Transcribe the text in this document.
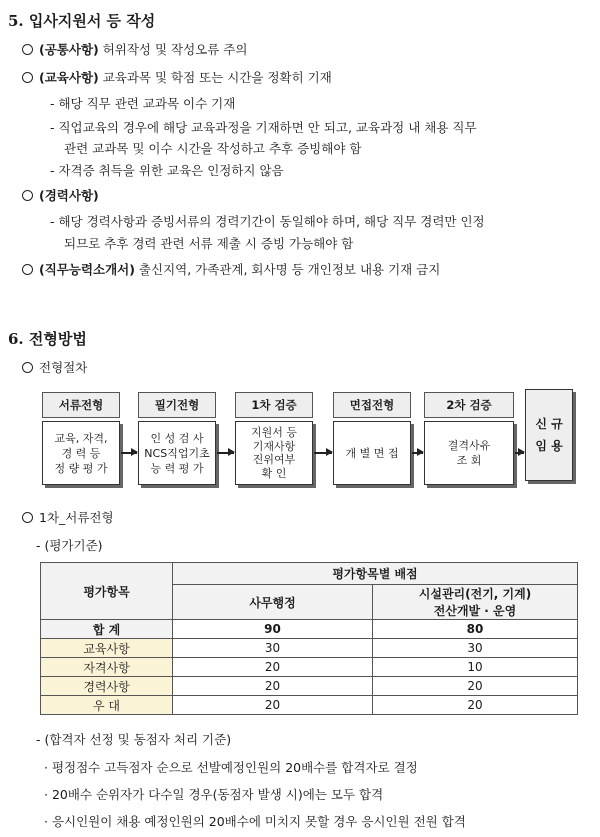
5. 입사지원서 등 작성
(공통사항) 허위작성 및 작성오류 주의
(교육사항) 교육과목 및 학점 또는 시간을 정확히 기재
- 해당 직무 관련 교과목 이수 기재
- 직업교육의 경우에 해당 교육과정을 기재하면 안 되고, 교육과정 내 채용 직무
관련 교과목 및 이수 시간을 작성하고 추후 증빙해야 함
- 자격증 취득을 위한 교육은 인정하지 않음
(경력사항)
- 해당 경력사항과 증빙서류의 경력기간이 동일해야 하며, 해당 직무 경력만 인정
되므로 추후 경력 관련 서류 제출 시 증빙 가능해야 함
(직무능력소개서) 출신지역, 가족관계, 회사명 등 개인정보 내용 기재 금지
6. 전형방법
전형절차
서류전형	필기전형	1차 검증	면접전형	2차 검증
교육, 자격,
경 력 등
정 량 평 가
인 성 검 사
NCS직업기초
능 력 평 가
지원서 등
기재사항
진위여부
확 인
개 별 면 접
결격사유
조 회
신 규
임 용
1차_서류전형
- (평가기준)
평가항목	평가항목별 배점	
	사무행정	시설관리(전기, 기계)
전산개발 · 운영

합 계	90	80
교육사항	30	30
자격사항	20	10
경력사항	20	20
우 대	20	20
- (합격자 선정 및 동점자 처리 기준)
· 평정점수 고득점자 순으로 선발예정인원의 20배수를 합격자로 결정
· 20배수 순위자가 다수일 경우(동점자 발생 시)에는 모두 합격
· 응시인원이 채용 예정인원의 20배수에 미치지 못할 경우 응시인원 전원 합격
